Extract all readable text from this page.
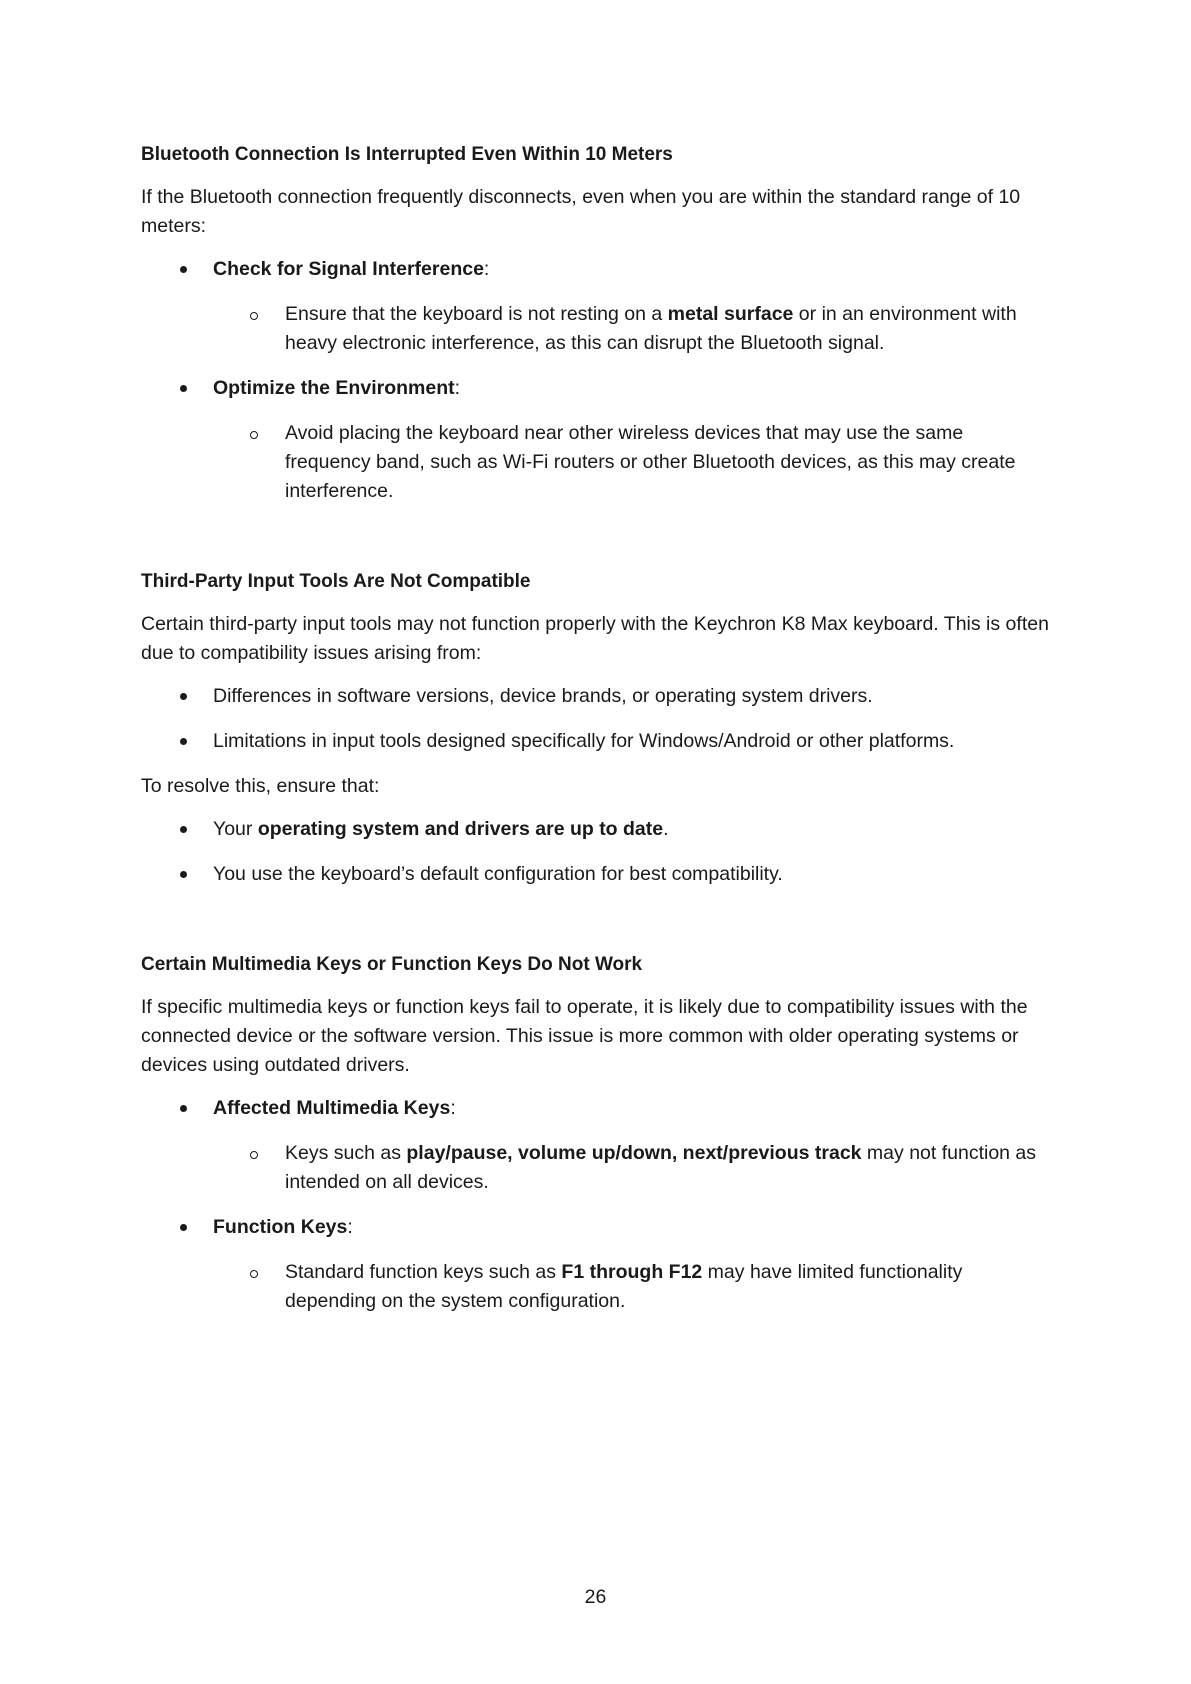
Bluetooth Connection Is Interrupted Even Within 10 Meters
If the Bluetooth connection frequently disconnects, even when you are within the standard range of 10 meters:
Check for Signal Interference:
Ensure that the keyboard is not resting on a metal surface or in an environment with heavy electronic interference, as this can disrupt the Bluetooth signal.
Optimize the Environment:
Avoid placing the keyboard near other wireless devices that may use the same frequency band, such as Wi-Fi routers or other Bluetooth devices, as this may create interference.
Third-Party Input Tools Are Not Compatible
Certain third-party input tools may not function properly with the Keychron K8 Max keyboard. This is often due to compatibility issues arising from:
Differences in software versions, device brands, or operating system drivers.
Limitations in input tools designed specifically for Windows/Android or other platforms.
To resolve this, ensure that:
Your operating system and drivers are up to date.
You use the keyboard’s default configuration for best compatibility.
Certain Multimedia Keys or Function Keys Do Not Work
If specific multimedia keys or function keys fail to operate, it is likely due to compatibility issues with the connected device or the software version. This issue is more common with older operating systems or devices using outdated drivers.
Affected Multimedia Keys:
Keys such as play/pause, volume up/down, next/previous track may not function as intended on all devices.
Function Keys:
Standard function keys such as F1 through F12 may have limited functionality depending on the system configuration.
26
